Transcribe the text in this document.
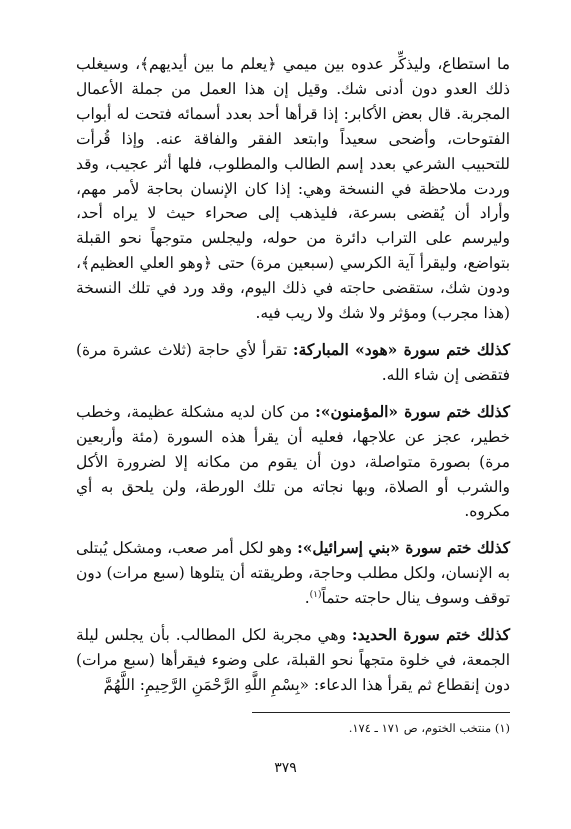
ما استطاع، وليذكِّر عدوه بين ميمي ﴿يعلم ما بين أيديهم﴾، وسيغلب ذلك العدو دون أدنى شك. وقيل إن هذا العمل من جملة الأعمال المجربة. قال بعض الأكابر: إذا قرأها أحد بعدد أسمائه فتحت له أبواب الفتوحات، وأضحى سعيداً وابتعد الفقر والفاقة عنه. وإذا قُرأت للتحبيب الشرعي بعدد إسم الطالب والمطلوب، فلها أثر عجيب، وقد وردت ملاحظة في النسخة وهي: إذا كان الإنسان بحاجة لأمر مهم، وأراد أن يُقضى بسرعة، فليذهب إلى صحراء حيث لا يراه أحد، وليرسم على التراب دائرة من حوله، وليجلس متوجهاً نحو القبلة بتواضع، وليقرأ آية الكرسي (سبعين مرة) حتى ﴿وهو العلي العظيم﴾، ودون شك، ستقضى حاجته في ذلك اليوم، وقد ورد في تلك النسخة (هذا مجرب) ومؤثر ولا شك ولا ريب فيه.

كذلك ختم سورة «هود» المباركة: تقرأ لأي حاجة (ثلاث عشرة مرة) فتقضى إن شاء الله.

كذلك ختم سورة «المؤمنون»: من كان لديه مشكلة عظيمة، وخطب خطير، عجز عن علاجها، فعليه أن يقرأ هذه السورة (مئة وأربعين مرة) بصورة متواصلة، دون أن يقوم من مكانه إلا لضرورة الأكل والشرب أو الصلاة، وبها نجاته من تلك الورطة، ولن يلحق به أي مكروه.

كذلك ختم سورة «بني إسرائيل»: وهو لكل أمر صعب، ومشكل يُبتلى به الإنسان، ولكل مطلب وحاجة، وطريقته أن يتلوها (سبع مرات) دون توقف وسوف ينال حاجته حتماً$^{(١)}$.

كذلك ختم سورة الحديد: وهي مجربة لكل المطالب. بأن يجلس ليلة الجمعة، في خلوة متجهاً نحو القبلة، على وضوء فيقرأها (سبع مرات) دون إنقطاع ثم يقرأ هذا الدعاء: «بِسْمِ اللَّهِ الرَّحْمَنِ الرَّحِيمِ: اللَّهُمَّ

(١) منتخب الختوم، ص ١٧١ ـ ١٧٤.
٣٧٩
